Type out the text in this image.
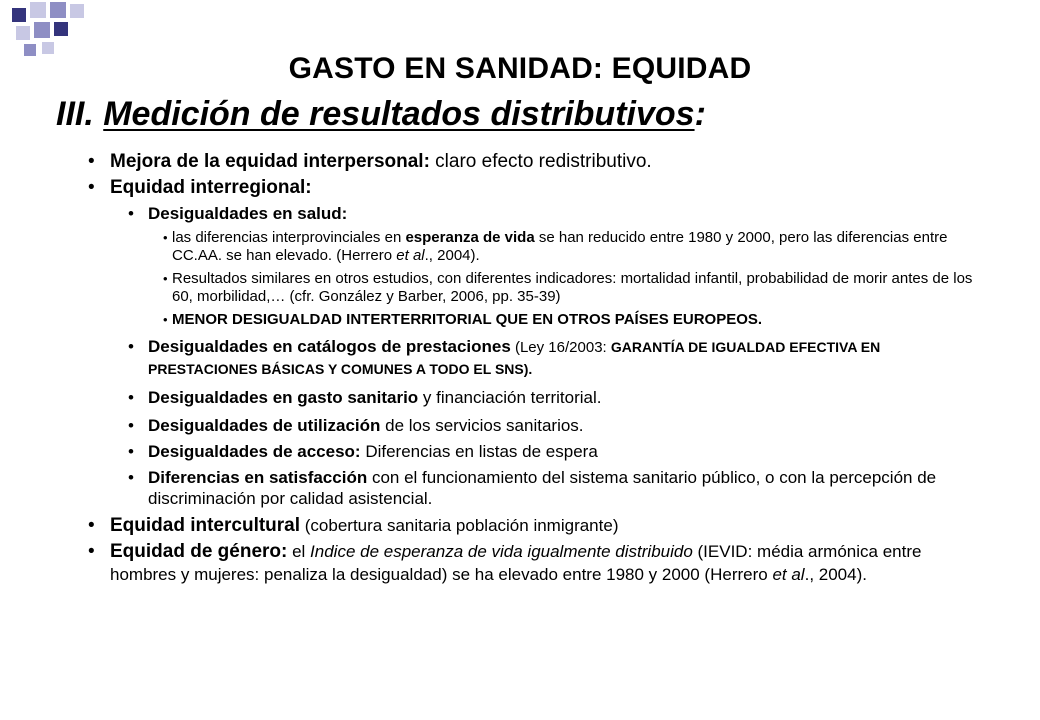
GASTO EN SANIDAD: EQUIDAD
III. Medición de resultados distributivos:
• Mejora de la equidad interpersonal: claro efecto redistributivo.
• Equidad interregional:
• Desigualdades en salud:
• las diferencias interprovinciales en esperanza de vida se han reducido entre 1980 y 2000, pero las diferencias entre CC.AA. se han elevado. (Herrero et al., 2004).
• Resultados similares en otros estudios, con diferentes indicadores: mortalidad infantil, probabilidad de morir antes de los 60, morbilidad,… (cfr. González y Barber, 2006, pp. 35-39)
• MENOR DESIGUALDAD INTERTERRITORIAL QUE EN OTROS PAÍSES EUROPEOS.
• Desigualdades en catálogos de prestaciones (Ley 16/2003: GARANTÍA DE IGUALDAD EFECTIVA EN PRESTACIONES BÁSICAS Y COMUNES A TODO EL SNS).
• Desigualdades en gasto sanitario y financiación territorial.
• Desigualdades de utilización de los servicios sanitarios.
• Desigualdades de acceso: Diferencias en listas de espera
• Diferencias en satisfacción con el funcionamiento del sistema sanitario público, o con la percepción de discriminación por calidad asistencial.
• Equidad intercultural (cobertura sanitaria población inmigrante)
• Equidad de género: el Indice de esperanza de vida igualmente distribuido (IEVID: média armónica entre hombres y mujeres: penaliza la desigualdad) se ha elevado entre 1980 y 2000 (Herrero et al., 2004).
